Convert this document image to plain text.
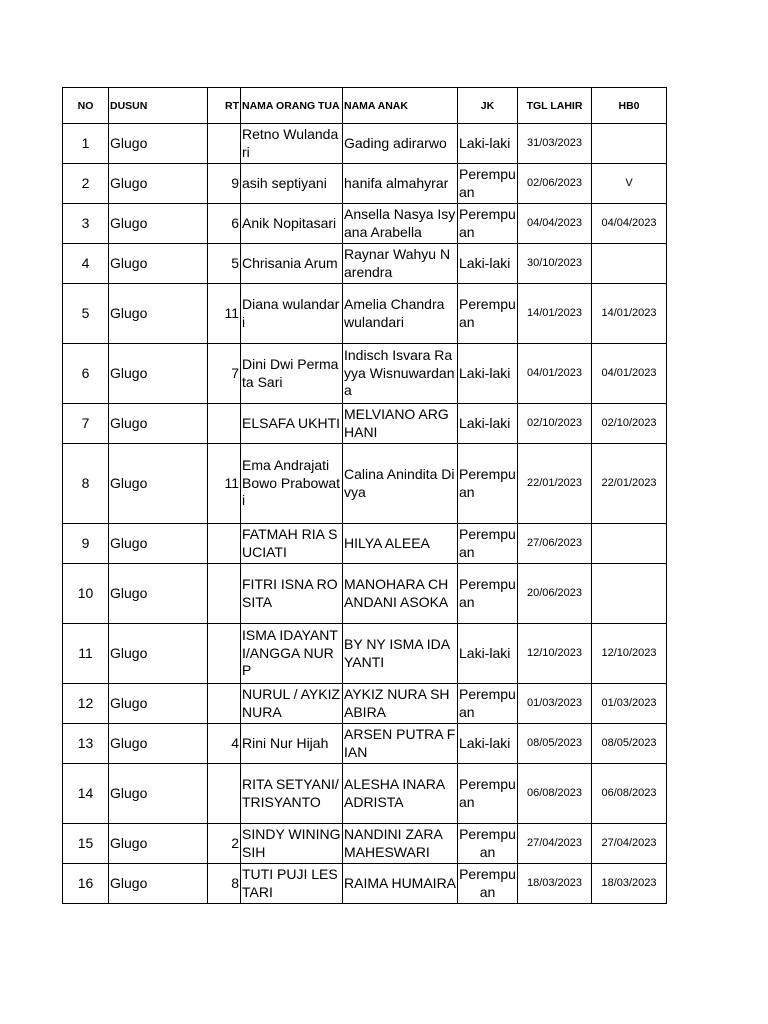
NO	DUSUN	RT	NAMA ORANG TUA	NAMA ANAK	JK	TGL LAHIR	HB0
1	Glugo		Retno Wulandari	Gading adirarwo	Laki-laki	31/03/2023	
2	Glugo	9	asih septiyani	hanifa almahyrar	Perempuan	02/06/2023	V
3	Glugo	6	Anik Nopitasari	Ansella Nasya Isyana Arabella	Perempuan	04/04/2023	04/04/2023
4	Glugo	5	Chrisania Arum	Raynar Wahyu Narendra	Laki-laki	30/10/2023	
5	Glugo	11	Diana wulandari	Amelia Chandra wulandari	Perempuan	14/01/2023	14/01/2023
6	Glugo	7	Dini Dwi Permata Sari	Indisch Isvara Rayya Wisnuwardana	Laki-laki	04/01/2023	04/01/2023
7	Glugo		ELSAFA UKHTI	MELVIANO ARGHANI	Laki-laki	02/10/2023	02/10/2023
8	Glugo	11	Ema Andrajati Bowo Prabowati	Calina Anindita Divya	Perempuan	22/01/2023	22/01/2023
9	Glugo		FATMAH RIA SUCIATI	HILYA ALEEA	Perempuan	27/06/2023	
10	Glugo		FITRI ISNA ROSITA	MANOHARA CHANDANI ASOKA	Perempuan	20/06/2023	
11	Glugo		ISMA IDAYANTI/ANGGA NUR P	BY NY ISMA IDAYANTI	Laki-laki	12/10/2023	12/10/2023
12	Glugo		NURUL / AYKIZ NURA	AYKIZ NURA SHABIRA	Perempuan	01/03/2023	01/03/2023
13	Glugo	4	Rini Nur Hijah	ARSEN PUTRA FIAN	Laki-laki	08/05/2023	08/05/2023
14	Glugo		RITA SETYANI/TRISYANTO	ALESHA INARA ADRISTA	Perempuan	06/08/2023	06/08/2023
15	Glugo	2	SINDY WININGSIH	NANDINI ZARA MAHESWARI	Perempuan	27/04/2023	27/04/2023
16	Glugo	8	TUTI PUJI LESTARI	RAIMA HUMAIRA	Perempuan	18/03/2023	18/03/2023
